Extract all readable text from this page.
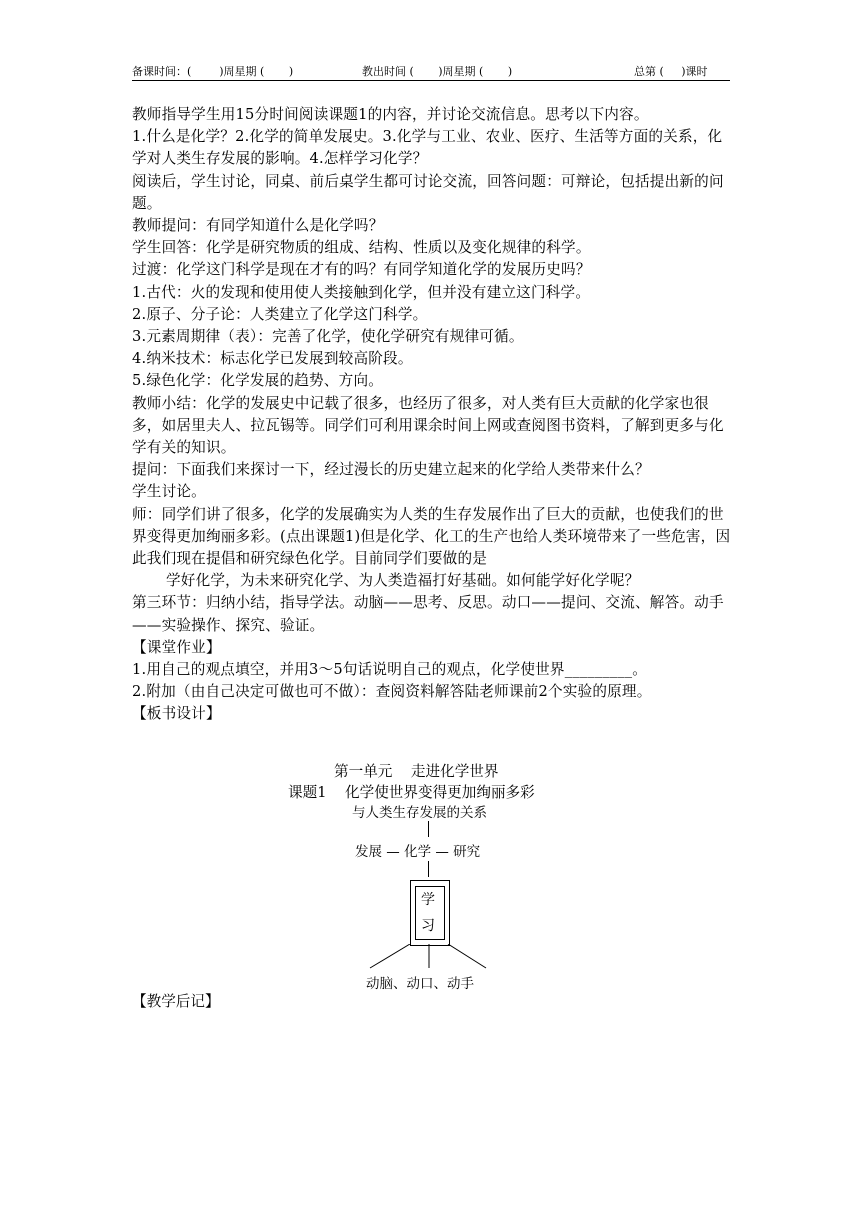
备课时间：(        )周星期 (       )	教出时间 (       )周星期 (       )	总第 (     )课时

教师指导学生用15分时间阅读课题1的内容，并讨论交流信息。思考以下内容。

1.什么是化学？2.化学的简单发展史。3.化学与工业、农业、医疗、生活等方面的关系，化学对人类生存发展的影响。4.怎样学习化学？

阅读后，学生讨论，同桌、前后桌学生都可讨论交流，回答问题：可辩论，包括提出新的问题。

教师提问：有同学知道什么是化学吗？

学生回答：化学是研究物质的组成、结构、性质以及变化规律的科学。

过渡：化学这门科学是现在才有的吗？有同学知道化学的发展历史吗？

1.古代：火的发现和使用使人类接触到化学，但并没有建立这门科学。

2.原子、分子论：人类建立了化学这门科学。

3.元素周期律（表）：完善了化学，使化学研究有规律可循。

4.纳米技术：标志化学已发展到较高阶段。

5.绿色化学：化学发展的趋势、方向。

教师小结：化学的发展史中记载了很多，也经历了很多，对人类有巨大贡献的化学家也很多，如居里夫人、拉瓦锡等。同学们可利用课余时间上网或查阅图书资料，了解到更多与化学有关的知识。

提问：下面我们来探讨一下，经过漫长的历史建立起来的化学给人类带来什么？

学生讨论。

师：同学们讲了很多，化学的发展确实为人类的生存发展作出了巨大的贡献，也使我们的世界变得更加绚丽多彩。(点出课题1)但是化学、化工的生产也给人类环境带来了一些危害，因此我们现在提倡和研究绿色化学。目前同学们要做的是

学好化学，为未来研究化学、为人类造福打好基础。如何能学好化学呢？

第三环节：归纳小结，指导学法。动脑——思考、反思。动口——提问、交流、解答。动手——实验操作、探究、验证。

【课堂作业】

1.用自己的观点填空，并用3～5句话说明自己的观点，化学使世界_________。

2.附加（由自己决定可做也可不做）：查阅资料解答陆老师课前2个实验的原理。

【板书设计】

第一单元    走进化学世界
课题1    化学使世界变得更加绚丽多彩
与人类生存发展的关系
发展 — 化学 — 研究
学
习
动脑、动口、动手
【教学后记】
